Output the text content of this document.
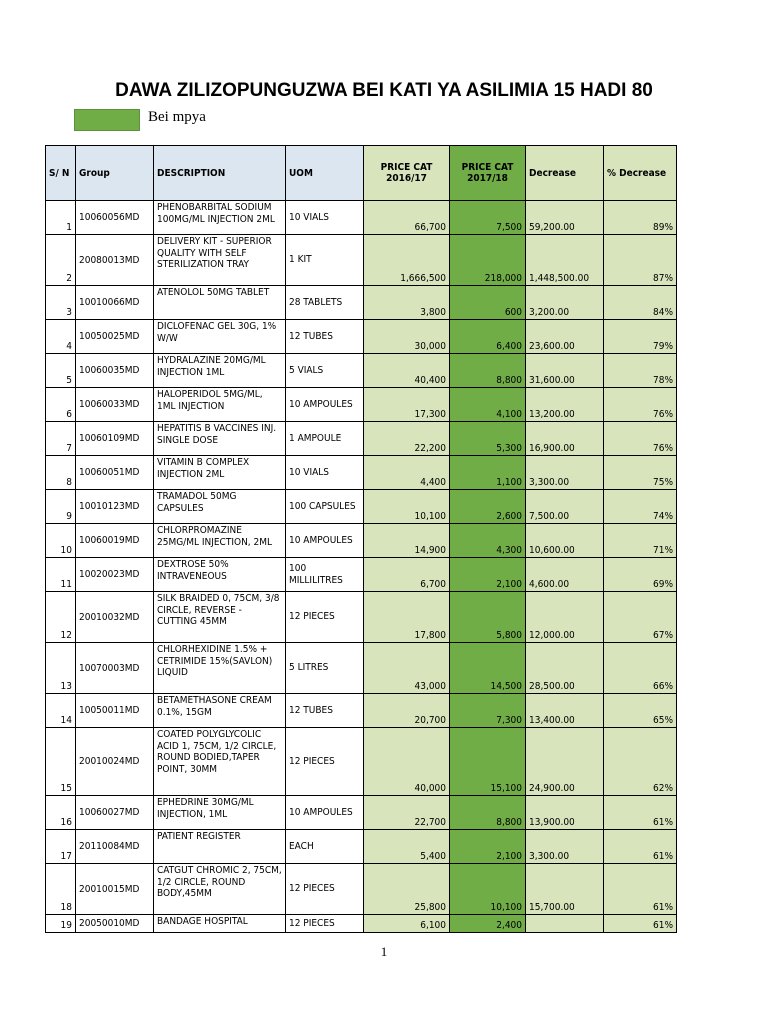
DAWA ZILIZOPUNGUZWA BEI KATI YA ASILIMIA 15 HADI 80
Bei mpya
S/ N	Group	DESCRIPTION	UOM	PRICE CAT 2016/17	PRICE CAT 2017/18	Decrease	% Decrease
1	10060056MD	PHENOBARBITAL SODIUM 100MG/ML INJECTION 2ML	10 VIALS	66,700	7,500	59,200.00	89%
2	20080013MD	DELIVERY KIT - SUPERIOR QUALITY WITH SELF STERILIZATION TRAY	1 KIT	1,666,500	218,000	1,448,500.00	87%
3	10010066MD	ATENOLOL 50MG TABLET	28 TABLETS	3,800	600	3,200.00	84%
4	10050025MD	DICLOFENAC GEL 30G, 1% W/W	12 TUBES	30,000	6,400	23,600.00	79%
5	10060035MD	HYDRALAZINE 20MG/ML INJECTION 1ML	5 VIALS	40,400	8,800	31,600.00	78%
6	10060033MD	HALOPERIDOL 5MG/ML, 1ML INJECTION	10 AMPOULES	17,300	4,100	13,200.00	76%
7	10060109MD	HEPATITIS B VACCINES INJ. SINGLE DOSE	1 AMPOULE	22,200	5,300	16,900.00	76%
8	10060051MD	VITAMIN B COMPLEX INJECTION 2ML	10 VIALS	4,400	1,100	3,300.00	75%
9	10010123MD	TRAMADOL 50MG CAPSULES	100 CAPSULES	10,100	2,600	7,500.00	74%
10	10060019MD	CHLORPROMAZINE 25MG/ML INJECTION, 2ML	10 AMPOULES	14,900	4,300	10,600.00	71%
11	10020023MD	DEXTROSE 50% INTRAVENEOUS	100 MILLILITRES	6,700	2,100	4,600.00	69%
12	20010032MD	SILK BRAIDED 0, 75CM, 3/8 CIRCLE, REVERSE - CUTTING 45MM	12 PIECES	17,800	5,800	12,000.00	67%
13	10070003MD	CHLORHEXIDINE 1.5% + CETRIMIDE 15%(SAVLON) LIQUID	5 LITRES	43,000	14,500	28,500.00	66%
14	10050011MD	BETAMETHASONE CREAM 0.1%, 15GM	12 TUBES	20,700	7,300	13,400.00	65%
15	20010024MD	COATED POLYGLYCOLIC ACID 1, 75CM, 1/2 CIRCLE, ROUND BODIED,TAPER POINT, 30MM	12 PIECES	40,000	15,100	24,900.00	62%
16	10060027MD	EPHEDRINE 30MG/ML INJECTION, 1ML	10 AMPOULES	22,700	8,800	13,900.00	61%
17	20110084MD	PATIENT REGISTER	EACH	5,400	2,100	3,300.00	61%
18	20010015MD	CATGUT CHROMIC 2, 75CM, 1/2 CIRCLE, ROUND BODY,45MM	12 PIECES	25,800	10,100	15,700.00	61%
19	20050010MD	BANDAGE HOSPITAL	12 PIECES	6,100	2,400		61%
1
